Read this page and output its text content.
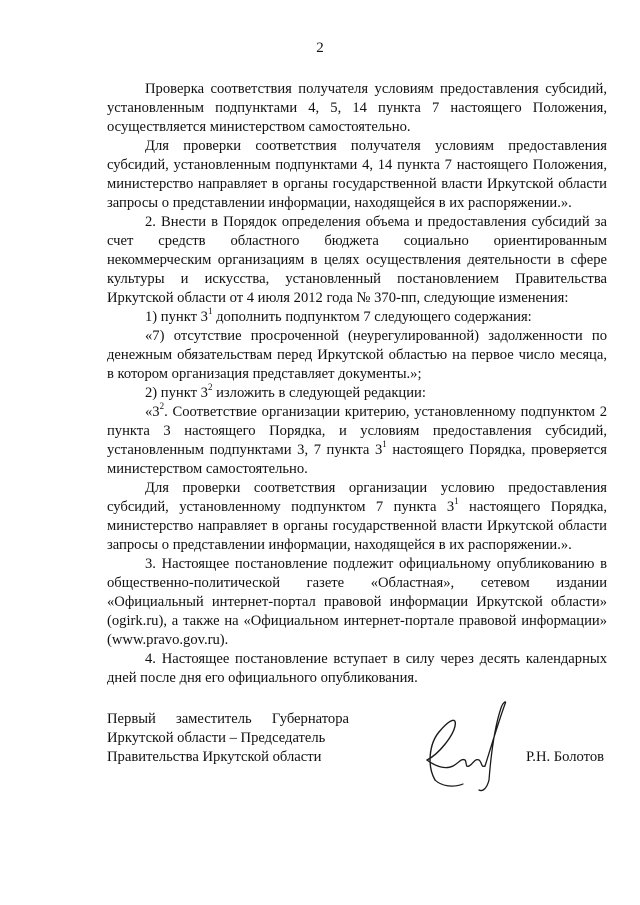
2

Проверка соответствия получателя условиям предоставления субсидий, установленным подпунктами 4, 5, 14 пункта 7 настоящего Положения, осуществляется министерством самостоятельно.

Для проверки соответствия получателя условиям предоставления субсидий, установленным подпунктами 4, 14 пункта 7 настоящего Положения, министерство направляет в органы государственной власти Иркутской области запросы о представлении информации, находящейся в их распоряжении.».

2. Внести в Порядок определения объема и предоставления субсидий за счет средств областного бюджета социально ориентированным некоммерческим организациям в целях осуществления деятельности в сфере культуры и искусства, установленный постановлением Правительства Иркутской области от 4 июля 2012 года № 370-пп, следующие изменения:

1) пункт $3^1$ дополнить подпунктом 7 следующего содержания:

«7) отсутствие просроченной (неурегулированной) задолженности по денежным обязательствам перед Иркутской областью на первое число месяца, в котором организация представляет документы.»;

2) пункт $3^2$ изложить в следующей редакции:

«$3^2$. Соответствие организации критерию, установленному подпунктом 2 пункта 3 настоящего Порядка, и условиям предоставления субсидий, установленным подпунктами 3, 7 пункта $3^1$ настоящего Порядка, проверяется министерством самостоятельно.

Для проверки соответствия организации условию предоставления субсидий, установленному подпунктом 7 пункта $3^1$ настоящего Порядка, министерство направляет в органы государственной власти Иркутской области запросы о представлении информации, находящейся в их распоряжении.».

3. Настоящее постановление подлежит официальному опубликованию в общественно-политической газете «Областная», сетевом издании «Официальный интернет-портал правовой информации Иркутской области» (ogirk.ru), а также на «Официальном интернет-портале правовой информации» (www.pravo.gov.ru).

4. Настоящее постановление вступает в силу через десять календарных дней после дня его официального опубликования.

Первый заместитель Губернатора
Иркутской области – Председатель
Правительства Иркутской области	Р.Н. Болотов
